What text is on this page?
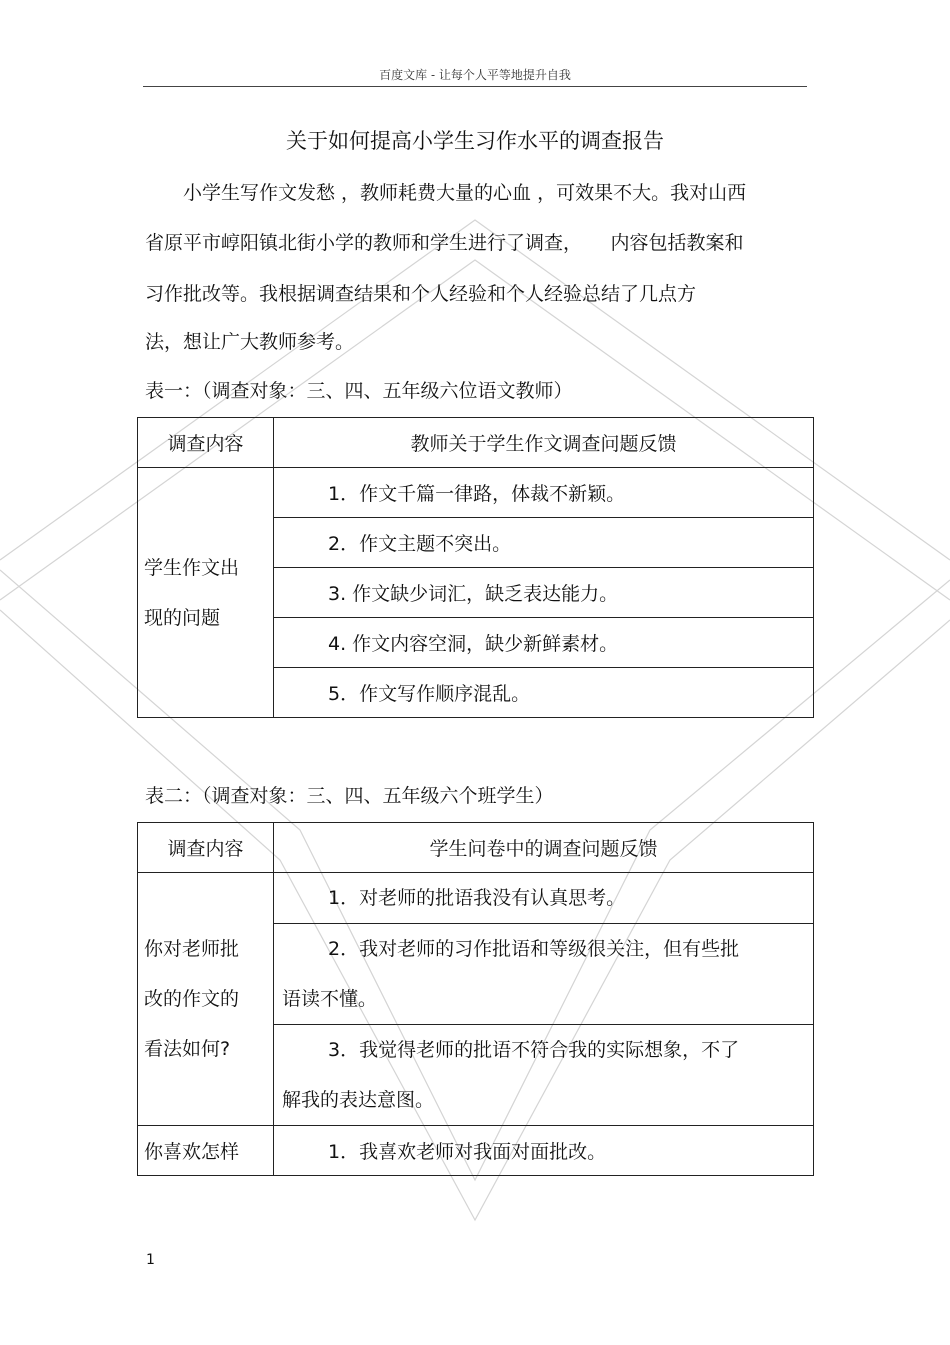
百度文库 - 让每个人平等地提升自我
关于如何提高小学生习作水平的调查报告
　　小学生写作文发愁 ，教师耗费大量的心血 ，可效果不大。我对山西
省原平市崞阳镇北街小学的教师和学生进行了调查，　　内容包括教案和
习作批改等。我根据调查结果和个人经验和个人经验总结了几点方
法，想让广大教师参考。
表一：（调查对象：三、四、五年级六位语文教师）
调查内容	教师关于学生作文调查问题反馈

学生作文出
现的问题	1．作文千篇一律路，体裁不新颖。
	2．作文主题不突出。
	3. 作文缺少词汇，缺乏表达能力。
	4. 作文内容空洞，缺少新鲜素材。
	5．作文写作顺序混乱。
表二：（调查对象：三、四、五年级六个班学生）
调查内容	学生问卷中的调查问题反馈

你对老师批
改的作文的
看法如何?	1．对老师的批语我没有认真思考。

	2．我对老师的习作批语和等级很关注，但有些批
语读不懂。

	3．我觉得老师的批语不符合我的实际想象，不了
解我的表达意图。

你喜欢怎样	1．我喜欢老师对我面对面批改。
1
